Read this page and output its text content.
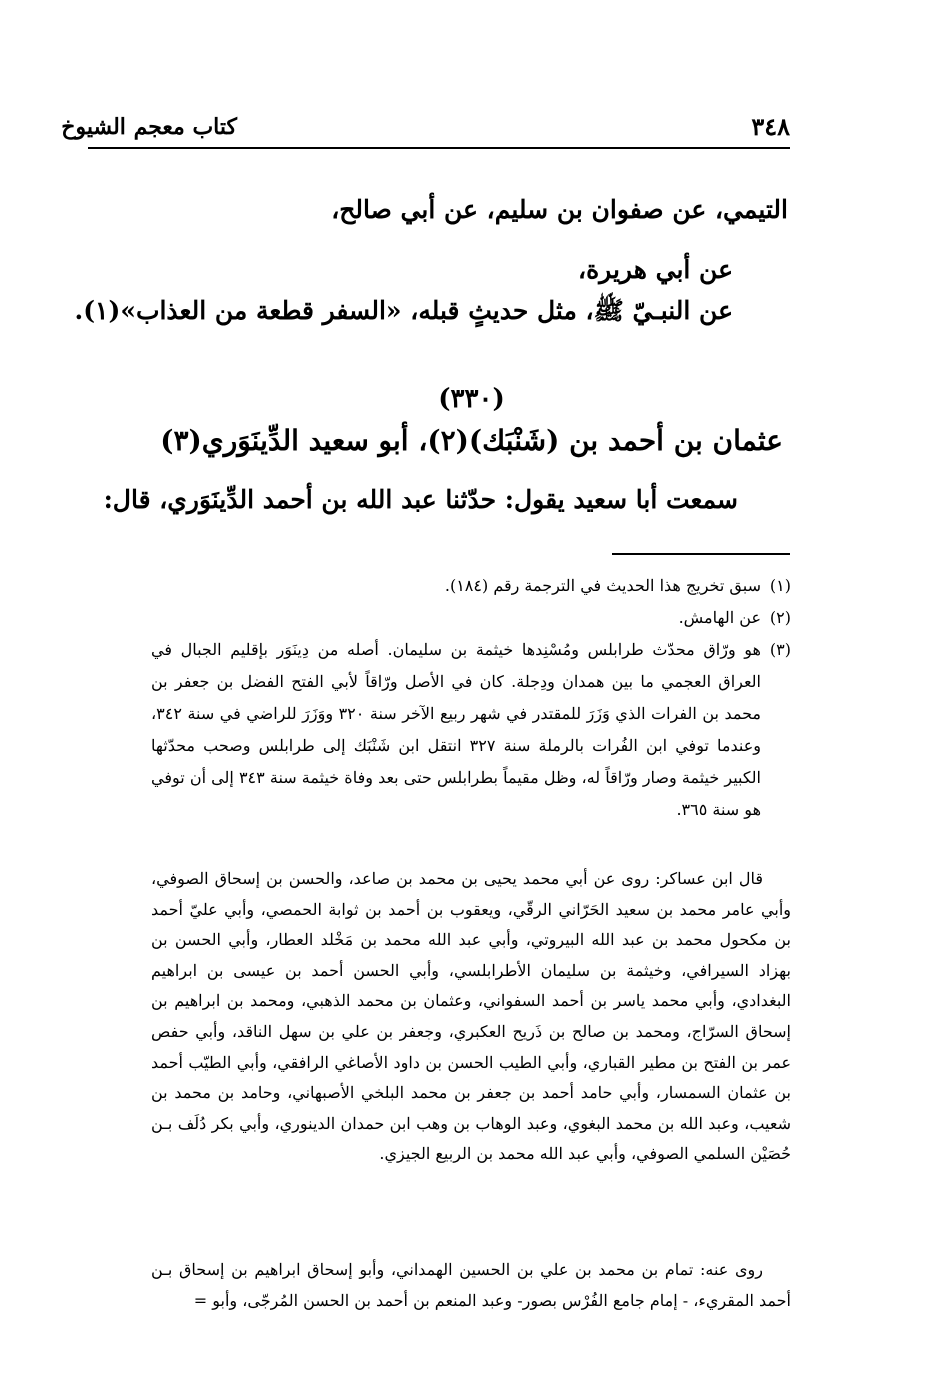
كتاب معجم الشيوخ	٣٤٨
التيمي، عن صفوان بن سليم، عن أبي صالح،
عن أبي هريرة،
عن النبـيّ ﷺ، مثل حديثٍ قبله، «السفر قطعة من العذاب»(١).
(٣٣٠)
عثمان بن أحمد بن (شَنْبَك)(٢)، أبو سعيد الدِّينَوَري(٣)
سمعت أبا سعيد يقول: حدّثنا عبد الله بن أحمد الدِّينَوَري، قال:
(١)
سبق تخريج هذا الحديث في الترجمة رقم (١٨٤).
(٢)
عن الهامش.
(٣)
هو ورّاق محدّث طرابلس ومُسْنِدها خيثمة بن سليمان. أصله من دِينَوَر بإقليم الجبال في العراق العجمي ما بين همدان ودِجلة. كان في الأصل ورّاقاً لأبي الفتح الفضل بن جعفر بن محمد بن الفرات الذي وَزَرَ للمقتدر في شهر ربيع الآخر سنة ٣٢٠ ووَزَرَ للراضي في سنة ٣٤٢، وعندما توفي ابن الفُرات بالرملة سنة ٣٢٧ انتقل ابن شَنْبَك إلى طرابلس وصحب محدّثها الكبير خيثمة وصار ورّاقاً له، وظل مقيماً بطرابلس حتى بعد وفاة خيثمة سنة ٣٤٣ إلى أن توفي هو سنة ٣٦٥.
قال ابن عساكر: روى عن أبي محمد يحيى بن محمد بن صاعد، والحسن بن إسحاق الصوفي، وأبي عامر محمد بن سعيد الحَرّاني الرقّي، ويعقوب بن أحمد بن ثوابة الحمصي، وأبي عليّ أحمد بن مكحول محمد بن عبد الله البيروتي، وأبي عبد الله محمد بن مَخْلد العطار، وأبي الحسن بن بهزاد السيرافي، وخيثمة بن سليمان الأطرابلسي، وأبي الحسن أحمد بن عيسى بن ابراهيم البغدادي، وأبي محمد ياسر بن أحمد السفواني، وعثمان بن محمد الذهبي، ومحمد بن ابراهيم بن إسحاق السرّاج، ومحمد بن صالح بن ذَريح العكبري، وجعفر بن علي بن سهل الناقد، وأبي حفص عمر بن الفتح بن مطير القباري، وأبي الطيب الحسن بن داود الأصاغي الرافقي، وأبي الطيّب أحمد بن عثمان السمسار، وأبي حامد أحمد بن جعفر بن محمد البلخي الأصبهاني، وحامد بن محمد بن شعيب، وعبد الله بن محمد البغوي، وعبد الوهاب بن وهب ابن حمدان الدينوري، وأبي بكر دُلَف بـن حُصَيْن السلمي الصوفي، وأبي عبد الله محمد بن الربيع الجيزي.
روى عنه: تمام بن محمد بن علي بن الحسين الهمداني، وأبو إسحاق ابراهيم بن إسحاق بـن أحمد المقريء، - إمام جامع الفُرْس بصور- وعبد المنعم بن أحمد بن الحسن المُرجّى، وأبو =
